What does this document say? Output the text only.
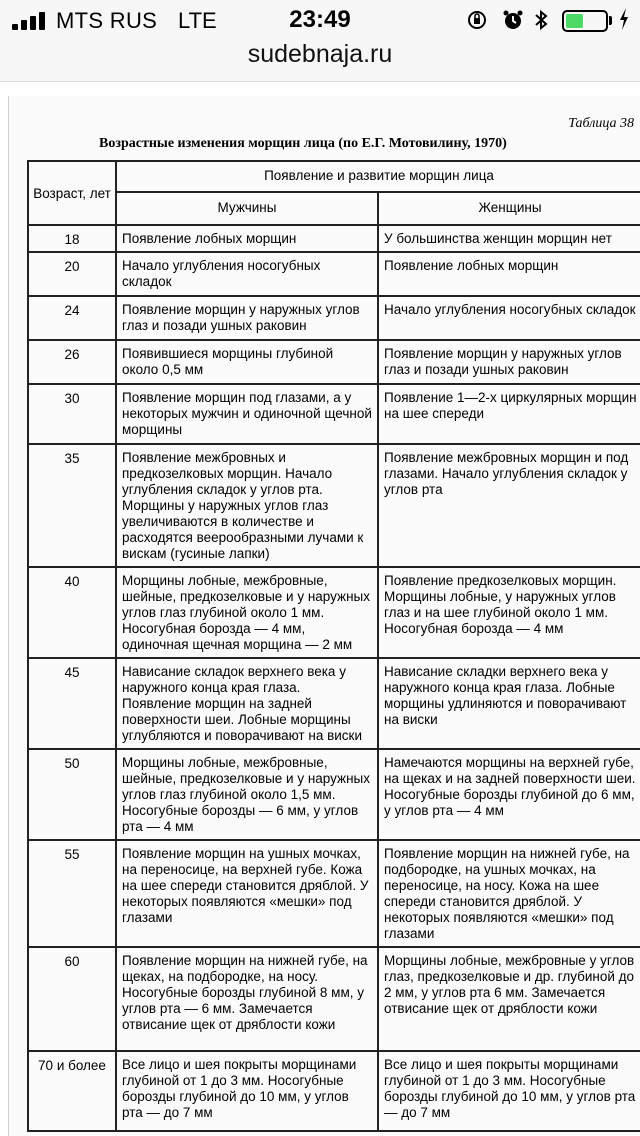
MTS RUS LTE	23:49
sudebnaja.ru
Таблица 38
Возрастные изменения морщин лица (по Е.Г. Мотовилину, 1970)
Возраст, лет	Появление и развитие морщин лица	
	Мужчины	Женщины
18	Появление лобных морщин	У большинства женщин морщин нет
20	Начало углубления носогубных складок	Появление лобных морщин
24	Появление морщин у наружных углов глаз и позади ушных раковин	Начало углубления носогубных складок
26	Появившиеся морщины глубиной около 0,5 мм	Появление морщин у наружных углов глаз и позади ушных раковин
30	Появление морщин под глазами, а у некоторых мужчин и одиночной щечной морщины	Появление 1—2-х циркулярных морщин на шее спереди
35	Появление межбровных и предкозелковых морщин. Начало углубления складок у углов рта. Морщины у наружных углов глаз увеличиваются в количестве и расходятся веерообразными лучами к вискам (гусиные лапки)	Появление межбровных морщин и под глазами. Начало углубления складок у углов рта
40	Морщины лобные, межбровные, шейные, предкозелковые и у наружных углов глаз глубиной около 1 мм. Носогубная борозда — 4 мм, одиночная щечная морщина — 2 мм	Появление предкозелковых морщин. Морщины лобные, у наружных углов глаз и на шее глубиной около 1 мм. Носогубная борозда — 4 мм
45	Нависание складок верхнего века у наружного конца края глаза. Появление морщин на задней поверхности шеи. Лобные морщины углубляются и поворачивают на виски	Нависание складки верхнего века у наружного конца края глаза. Лобные морщины удлиняются и поворачивают на виски
50	Морщины лобные, межбровные, шейные, предкозелковые и у наружных углов глаз глубиной около 1,5 мм. Носогубные борозды — 6 мм, у углов рта — 4 мм	Намечаются морщины на верхней губе, на щеках и на задней поверхности шеи. Носогубные борозды глубиной до 6 мм, у углов рта — 4 мм
55	Появление морщин на ушных мочках, на переносице, на верхней губе. Кожа на шее спереди становится дряблой. У некоторых появляются «мешки» под глазами	Появление морщин на нижней губе, на подбородке, на ушных мочках, на переносице, на носу. Кожа на шее спереди становится дряблой. У некоторых появляются «мешки» под глазами
60	Появление морщин на нижней губе, на щеках, на подбородке, на носу. Носогубные борозды глубиной 8 мм, у углов рта — 6 мм. Замечается отвисание щек от дряблости кожи	Морщины лобные, межбровные у углов глаз, предкозелковые и др. глубиной до 2 мм, у углов рта 6 мм. Замечается отвисание щек от дряблости кожи
70 и более	Все лицо и шея покрыты морщинами глубиной от 1 до 3 мм. Носогубные борозды глубиной до 10 мм, у углов рта — до 7 мм	Все лицо и шея покрыты морщинами глубиной от 1 до 3 мм. Носогубные борозды глубиной до 10 мм, у углов рта — до 7 мм
